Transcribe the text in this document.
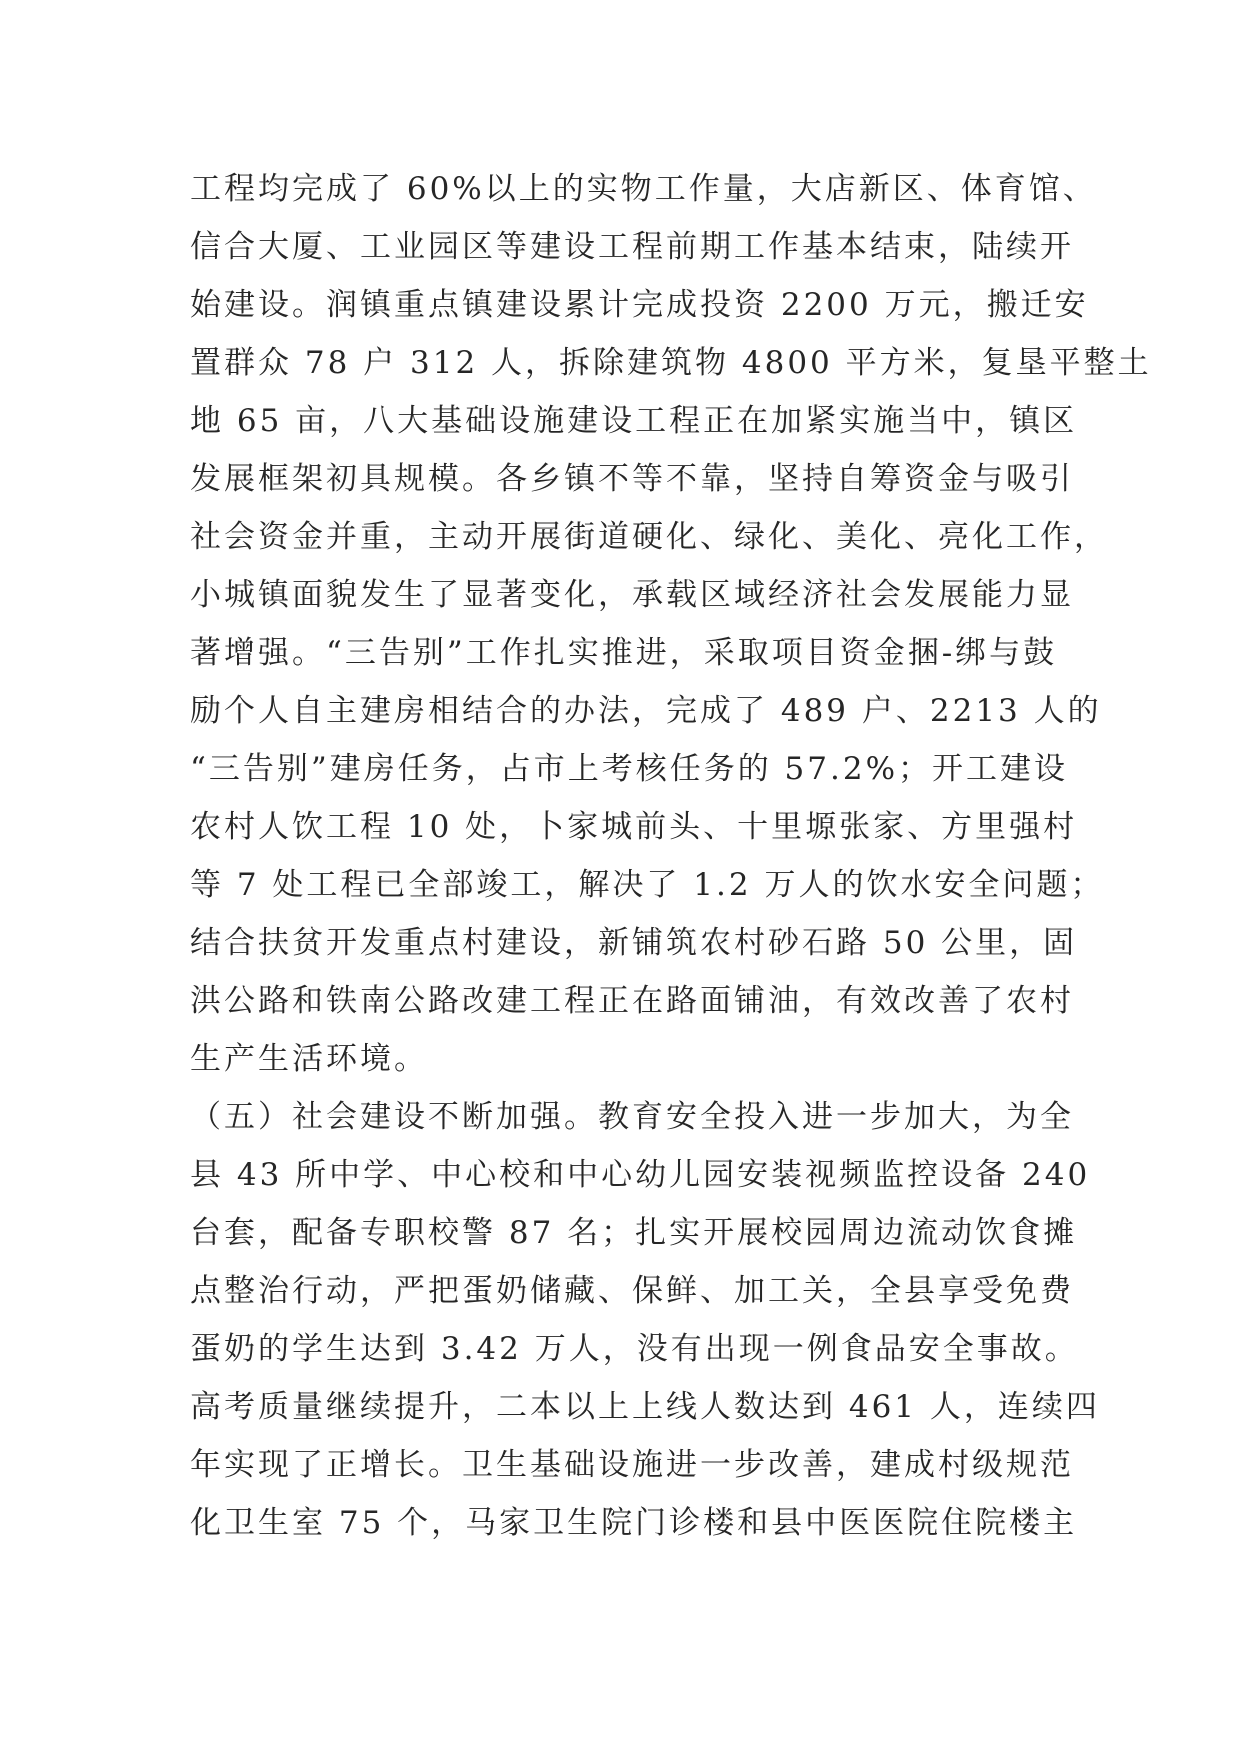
工程均完成了 60%以上的实物工作量，大店新区、体育馆、
信合大厦、工业园区等建设工程前期工作基本结束，陆续开
始建设。润镇重点镇建设累计完成投资 2200 万元，搬迁安
置群众 78 户 312 人，拆除建筑物 4800 平方米，复垦平整土
地 65 亩，八大基础设施建设工程正在加紧实施当中，镇区
发展框架初具规模。各乡镇不等不靠，坚持自筹资金与吸引
社会资金并重，主动开展街道硬化、绿化、美化、亮化工作，
小城镇面貌发生了显著变化，承载区域经济社会发展能力显
著增强。“三告别”工作扎实推进，采取项目资金捆-绑与鼓
励个人自主建房相结合的办法，完成了 489 户、2213 人的
“三告别”建房任务，占市上考核任务的 57.2%；开工建设
农村人饮工程 10 处，卜家城前头、十里塬张家、方里强村
等 7 处工程已全部竣工，解决了 1.2 万人的饮水安全问题；
结合扶贫开发重点村建设，新铺筑农村砂石路 50 公里，固
洪公路和铁南公路改建工程正在路面铺油，有效改善了农村
生产生活环境。
（五）社会建设不断加强。教育安全投入进一步加大，为全
县 43 所中学、中心校和中心幼儿园安装视频监控设备 240
台套，配备专职校警 87 名；扎实开展校园周边流动饮食摊
点整治行动，严把蛋奶储藏、保鲜、加工关，全县享受免费
蛋奶的学生达到 3.42 万人，没有出现一例食品安全事故。
高考质量继续提升，二本以上上线人数达到 461 人，连续四
年实现了正增长。卫生基础设施进一步改善，建成村级规范
化卫生室 75 个，马家卫生院门诊楼和县中医医院住院楼主
